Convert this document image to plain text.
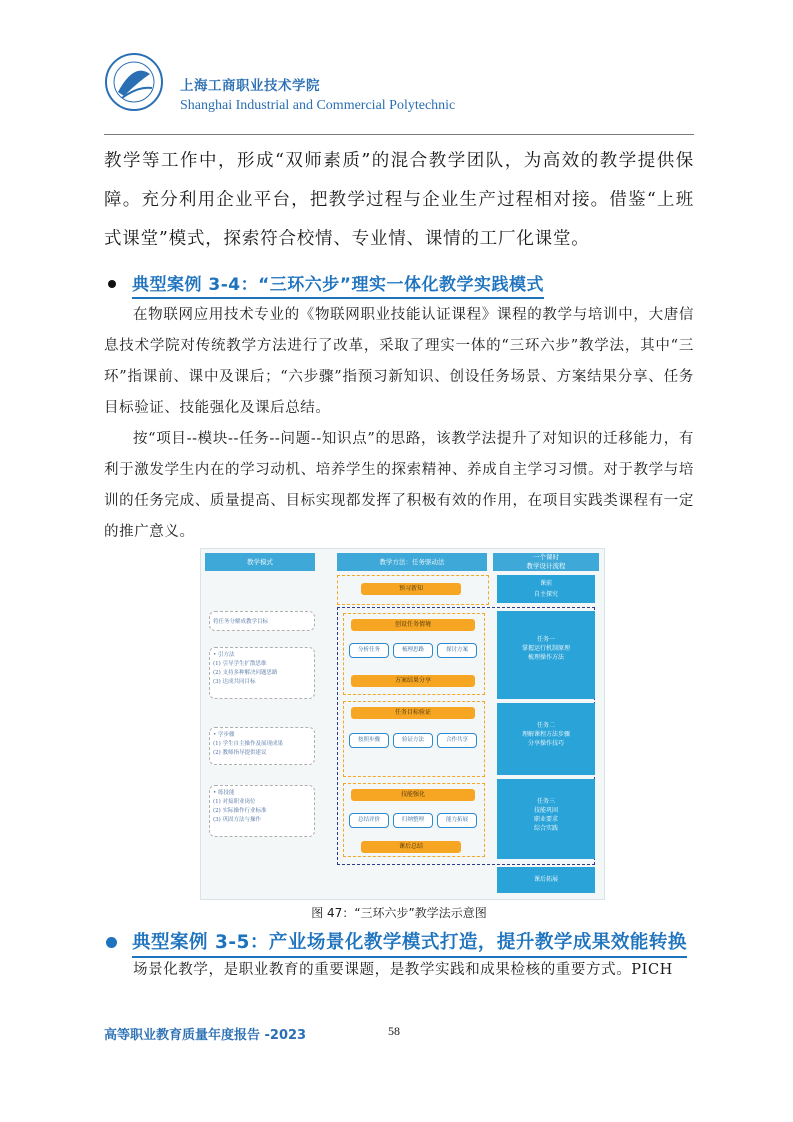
上海工商职业技术学院
Shanghai Industrial and Commercial Polytechnic
教学等工作中，形成“双师素质”的混合教学团队，为高效的教学提供保障。充分利用企业平台，把教学过程与企业生产过程相对接。借鉴“上班式课堂”模式，探索符合校情、专业情、课情的工厂化课堂。
典型案例 3-4：“三环六步”理实一体化教学实践模式
在物联网应用技术专业的《物联网职业技能认证课程》课程的教学与培训中，大唐信息技术学院对传统教学方法进行了改革，采取了理实一体的“三环六步”教学法，其中“三环”指课前、课中及课后；“六步骤”指预习新知识、创设任务场景、方案结果分享、任务目标验证、技能强化及课后总结。
按“项目--模块--任务--问题--知识点”的思路，该教学法提升了对知识的迁移能力，有利于激发学生内在的学习动机、培养学生的探索精神、养成自主学习习惯。对于教学与培训的任务完成、质量提高、目标实现都发挥了积极有效的作用，在项目实践类课程有一定的推广意义。
教学模式	教学方法：任务驱动法
一个课时
教学设计流程
预习新知
创设任务情境
分析任务	梳理思路	探讨方案
方案结果分享
任务目标验证
按照步骤	验证方法	合作共享
技能强化
总结评价	归纳整理	能力拓展
课后总结
将任务分解成教学目标
• 引方法
(1) 引导学生扩散思维
(2) 支持多种解决问题思路
(3) 达成共同目标
• 学步骤
(1) 学生自主操作及展现成果
(2) 教师指导提供建议
• 练技能
(1) 对接职业岗位
(2) 实际操作行业标准
(3) 巩固方法与操作
课前
自主探究
任务一
掌握运行机制原理
梳理操作方法
任务二
理解课程方法步骤
分享操作技巧
任务三
技能巩固
职业要求
综合实践
课后拓展
图 47：“三环六步”教学法示意图
典型案例 3-5：产业场景化教学模式打造，提升教学成果效能转换
场景化教学，是职业教育的重要课题，是教学实践和成果检核的重要方式。PICH
高等职业教育质量年度报告 -2023	58
